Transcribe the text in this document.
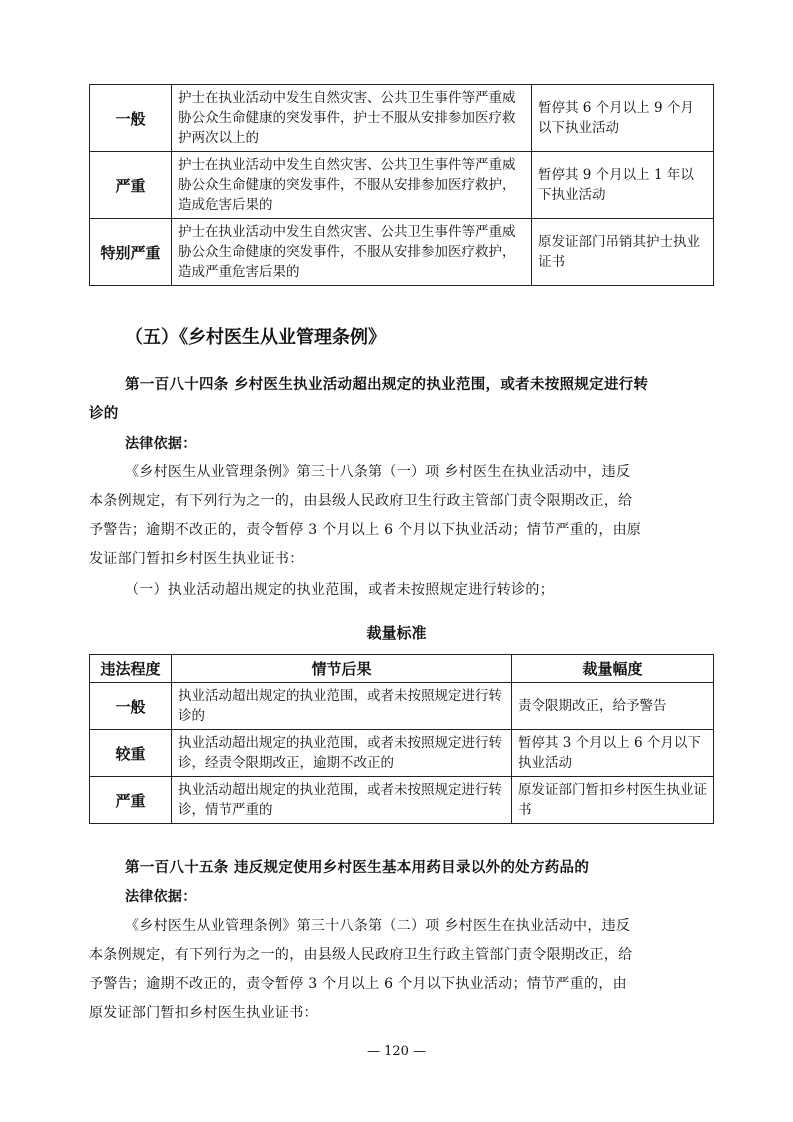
一般	护士在执业活动中发生自然灾害、公共卫生事件等严重威胁公众生命健康的突发事件，护士不服从安排参加医疗救护两次以上的	暂停其 6 个月以上 9 个月以下执业活动
严重	护士在执业活动中发生自然灾害、公共卫生事件等严重威胁公众生命健康的突发事件，不服从安排参加医疗救护，造成危害后果的	暂停其 9 个月以上 1 年以下执业活动
特别严重	护士在执业活动中发生自然灾害、公共卫生事件等严重威胁公众生命健康的突发事件，不服从安排参加医疗救护，造成严重危害后果的	原发证部门吊销其护士执业证书
（五）《乡村医生从业管理条例》
第一百八十四条 乡村医生执业活动超出规定的执业范围，或者未按照规定进行转
诊的
法律依据：
《乡村医生从业管理条例》第三十八条第（一）项 乡村医生在执业活动中，违反
本条例规定，有下列行为之一的，由县级人民政府卫生行政主管部门责令限期改正，给
予警告；逾期不改正的，责令暂停 3 个月以上 6 个月以下执业活动；情节严重的，由原
发证部门暂扣乡村医生执业证书：
（一）执业活动超出规定的执业范围，或者未按照规定进行转诊的；
裁量标准
违法程度	情节后果	裁量幅度
一般	执业活动超出规定的执业范围，或者未按照规定进行转诊的	责令限期改正，给予警告
较重	执业活动超出规定的执业范围，或者未按照规定进行转诊，经责令限期改正，逾期不改正的	暂停其 3 个月以上 6 个月以下执业活动
严重	执业活动超出规定的执业范围，或者未按照规定进行转诊，情节严重的	原发证部门暂扣乡村医生执业证书
第一百八十五条 违反规定使用乡村医生基本用药目录以外的处方药品的
法律依据：
《乡村医生从业管理条例》第三十八条第（二）项 乡村医生在执业活动中，违反
本条例规定，有下列行为之一的，由县级人民政府卫生行政主管部门责令限期改正，给
予警告；逾期不改正的，责令暂停 3 个月以上 6 个月以下执业活动；情节严重的，由
原发证部门暂扣乡村医生执业证书：
— 120 —
